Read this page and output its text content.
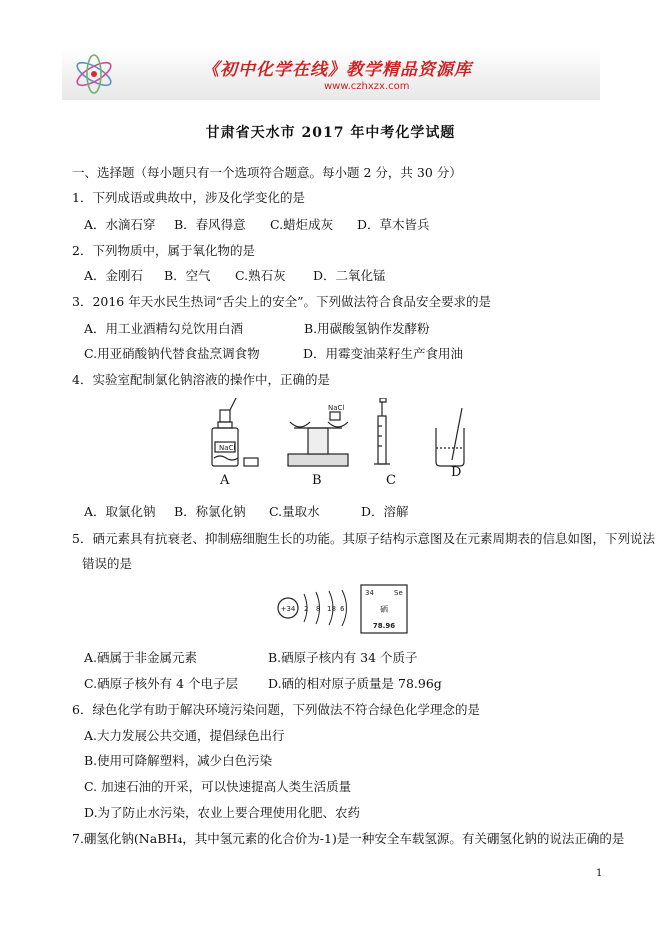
《初中化学在线》教学精品资源库
www.czhxzx.com
甘肃省天水市 2017 年中考化学试题
一、选择题（每小题只有一个选项符合题意。每小题 2 分，共 30 分）
1．下列成语或典故中，涉及化学变化的是
A．水滴石穿 B．春风得意 C.蜡炬成灰 D．草木皆兵
2．下列物质中，属于氧化物的是
A．金刚石 B．空气 C.熟石灰 D．二氧化锰
3．2016 年天水民生热词“舌尖上的安全”。下列做法符合食品安全要求的是
A．用工业酒精勾兑饮用白酒	B.用碳酸氢钠作发酵粉
C.用亚硝酸钠代替食盐烹调食物	D．用霉变油菜籽生产食用油
4．实验室配制氯化钠溶液的操作中，正确的是
NaCl
NaCl
A	B	C
D
A．取氯化钠 B．称氯化钠 C.量取水	D．溶解
5．硒元素具有抗衰老、抑制癌细胞生长的功能。其原子结构示意图及在元素周期表的信息如图，下列说法
错误的是
+34 2 8 18 6
34	Se
硒
78.96
A.硒属于非金属元素	B.硒原子核内有 34 个质子
C.硒原子核外有 4 个电子层 D.硒的相对原子质量是 78.96g
6．绿色化学有助于解决环境污染问题，下列做法不符合绿色化学理念的是
A.大力发展公共交通，提倡绿色出行
B.使用可降解塑料，减少白色污染
C. 加速石油的开采，可以快速提高人类生活质量
D.为了防止水污染，农业上要合理使用化肥、农药
7.硼氢化钠(NaBH₄，其中氢元素的化合价为-1)是一种安全车载氢源。有关硼氢化钠的说法正确的是
1
